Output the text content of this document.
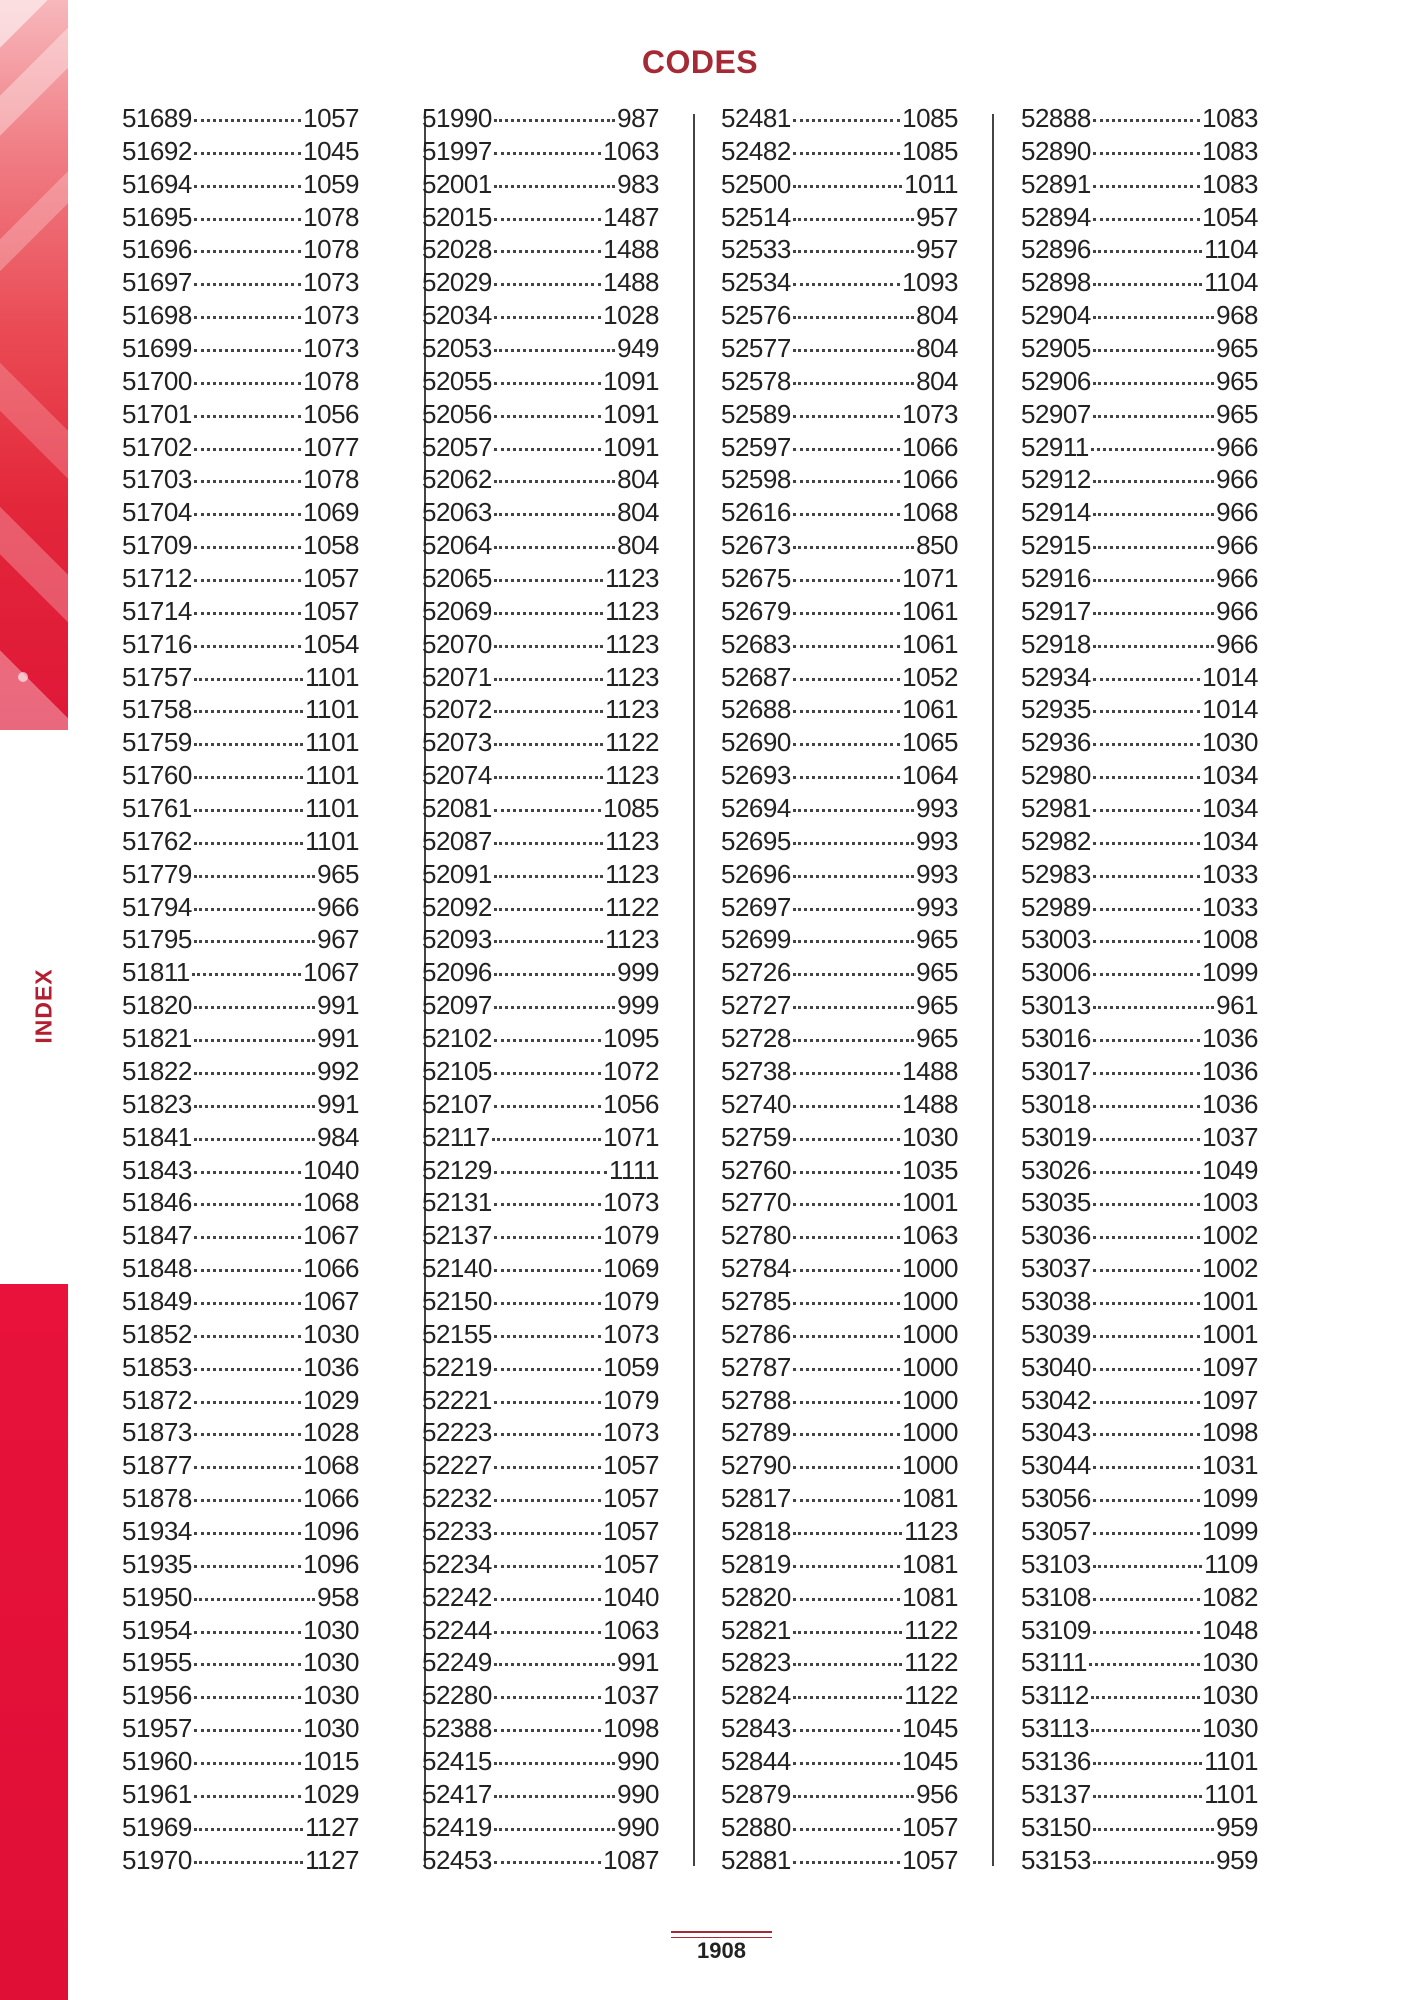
INDEX
CODES
51689	1057
51692	1045
51694	1059
51695	1078
51696	1078
51697	1073
51698	1073
51699	1073
51700	1078
51701	1056
51702	1077
51703	1078
51704	1069
51709	1058
51712	1057
51714	1057
51716	1054
51757	1101
51758	1101
51759	1101
51760	1101
51761	1101
51762	1101
51779	965
51794	966
51795	967
51811	1067
51820	991
51821	991
51822	992
51823	991
51841	984
51843	1040
51846	1068
51847	1067
51848	1066
51849	1067
51852	1030
51853	1036
51872	1029
51873	1028
51877	1068
51878	1066
51934	1096
51935	1096
51950	958
51954	1030
51955	1030
51956	1030
51957	1030
51960	1015
51961	1029
51969	1127
51970	1127
51990	987
51997	1063
52001	983
52015	1487
52028	1488
52029	1488
52034	1028
52053	949
52055	1091
52056	1091
52057	1091
52062	804
52063	804
52064	804
52065	1123
52069	1123
52070	1123
52071	1123
52072	1123
52073	1122
52074	1123
52081	1085
52087	1123
52091	1123
52092	1122
52093	1123
52096	999
52097	999
52102	1095
52105	1072
52107	1056
52117	1071
52129	1111
52131	1073
52137	1079
52140	1069
52150	1079
52155	1073
52219	1059
52221	1079
52223	1073
52227	1057
52232	1057
52233	1057
52234	1057
52242	1040
52244	1063
52249	991
52280	1037
52388	1098
52415	990
52417	990
52419	990
52453	1087
52481	1085
52482	1085
52500	1011
52514	957
52533	957
52534	1093
52576	804
52577	804
52578	804
52589	1073
52597	1066
52598	1066
52616	1068
52673	850
52675	1071
52679	1061
52683	1061
52687	1052
52688	1061
52690	1065
52693	1064
52694	993
52695	993
52696	993
52697	993
52699	965
52726	965
52727	965
52728	965
52738	1488
52740	1488
52759	1030
52760	1035
52770	1001
52780	1063
52784	1000
52785	1000
52786	1000
52787	1000
52788	1000
52789	1000
52790	1000
52817	1081
52818	1123
52819	1081
52820	1081
52821	1122
52823	1122
52824	1122
52843	1045
52844	1045
52879	956
52880	1057
52881	1057
52888	1083
52890	1083
52891	1083
52894	1054
52896	1104
52898	1104
52904	968
52905	965
52906	965
52907	965
52911	966
52912	966
52914	966
52915	966
52916	966
52917	966
52918	966
52934	1014
52935	1014
52936	1030
52980	1034
52981	1034
52982	1034
52983	1033
52989	1033
53003	1008
53006	1099
53013	961
53016	1036
53017	1036
53018	1036
53019	1037
53026	1049
53035	1003
53036	1002
53037	1002
53038	1001
53039	1001
53040	1097
53042	1097
53043	1098
53044	1031
53056	1099
53057	1099
53103	1109
53108	1082
53109	1048
53111	1030
53112	1030
53113	1030
53136	1101
53137	1101
53150	959
53153	959
1908
